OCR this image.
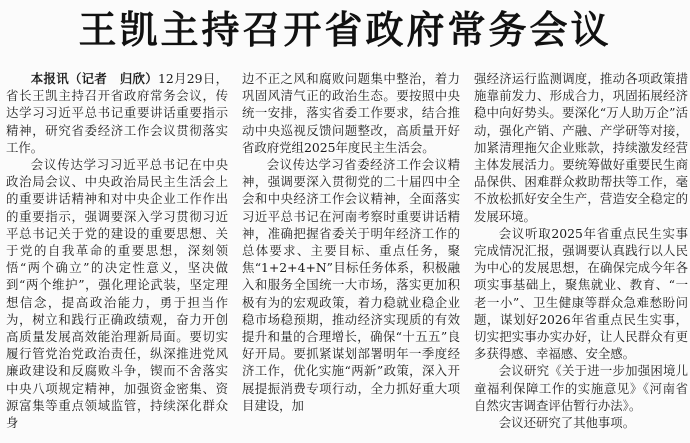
王凯主持召开省政府常务会议

本报讯（记者　归欣）12月29日，省长王凯主持召开省政府常务会议，传达学习习近平总书记重要讲话重要指示精神，研究省委经济工作会议贯彻落实工作。

会议传达学习习近平总书记在中央政治局会议、中央政治局民主生活会上的重要讲话精神和对中央企业工作作出的重要指示，强调要深入学习贯彻习近平总书记关于党的建设的重要思想、关于党的自我革命的重要思想，深刻领悟“两个确立”的决定性意义，坚决做到“两个维护”，强化理论武装，坚定理想信念，提高政治能力，勇于担当作为，树立和践行正确政绩观，奋力开创高质量发展高效能治理新局面。要切实履行管党治党政治责任，纵深推进党风廉政建设和反腐败斗争，锲而不舍落实中央八项规定精神，加强资金密集、资源富集等重点领域监管，持续深化群众身

边不正之风和腐败问题集中整治，着力巩固风清气正的政治生态。要按照中央统一安排，落实省委工作要求，结合推动中央巡视反馈问题整改，高质量开好省政府党组2025年度民主生活会。

会议传达学习省委经济工作会议精神，强调要深入贯彻党的二十届四中全会和中央经济工作会议精神，全面落实习近平总书记在河南考察时重要讲话精神，准确把握省委关于明年经济工作的总体要求、主要目标、重点任务，聚焦“1+2+4+N”目标任务体系，积极融入和服务全国统一大市场，落实更加积极有为的宏观政策，着力稳就业稳企业稳市场稳预期，推动经济实现质的有效提升和量的合理增长，确保“十五五”良好开局。要抓紧谋划部署明年一季度经济工作，优化实施“两新”政策，深入开展提振消费专项行动，全力抓好重大项目建设，加

强经济运行监测调度，推动各项政策措施靠前发力、形成合力，巩固拓展经济稳中向好势头。要深化“万人助万企”活动，强化产销、产融、产学研等对接，加紧清理拖欠企业账款，持续激发经营主体发展活力。要统筹做好重要民生商品保供、困难群众救助帮扶等工作，毫不放松抓好安全生产，营造安全稳定的发展环境。

会议听取2025年省重点民生实事完成情况汇报，强调要认真践行以人民为中心的发展思想，在确保完成今年各项实事基础上，聚焦就业、教育、“一老一小”、卫生健康等群众急难愁盼问题，谋划好2026年省重点民生实事，切实把实事办实办好，让人民群众有更多获得感、幸福感、安全感。

会议研究《关于进一步加强困境儿童福利保障工作的实施意见》《河南省自然灾害调查评估暂行办法》。

会议还研究了其他事项。
